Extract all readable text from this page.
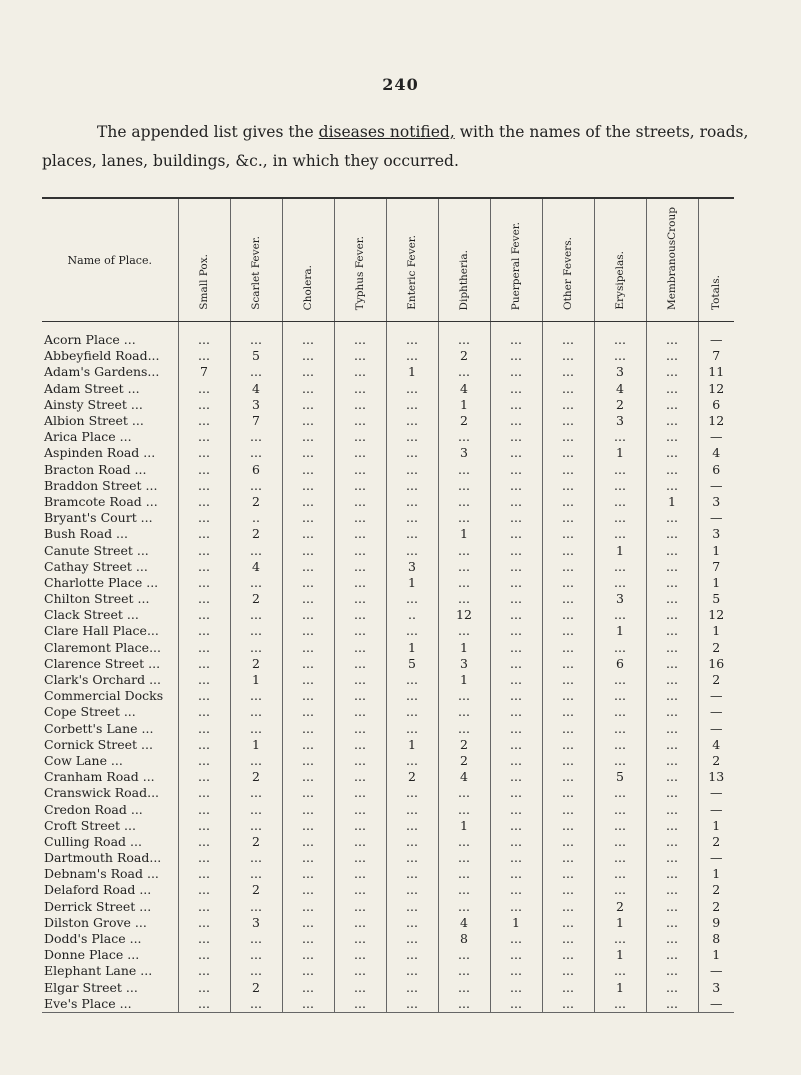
240
The appended list gives the diseases notified, with the names of the streets, roads,
places, lanes, buildings, &c., in which they occurred.
Name of Place.	Small Pox.	Scarlet Fever.	Cholera.	Typhus Fever.	Enteric Fever.	Diphtheria.	Puerperal Fever.	Other Fevers.	Erysipelas.	MembranousCroup	Totals.

Acorn Place ...	...	...	...	...	...	...	...	...	...	...	—
Abbeyfield Road...	...	5	...	...	...	2	...	...	...	...	7
Adam's Gardens...	7	...	...	...	1	...	...	...	3	...	11
Adam Street ...	...	4	...	...	...	4	...	...	4	...	12
Ainsty Street ...	...	3	...	...	...	1	...	...	2	...	6
Albion Street ...	...	7	...	...	...	2	...	...	3	...	12
Arica Place ...	...	...	...	...	...	...	...	...	...	...	—
Aspinden Road ...	...	...	...	...	...	3	...	...	1	...	4
Bracton Road ...	...	6	...	...	...	...	...	...	...	...	6
Braddon Street ...	...	...	...	...	...	...	...	...	...	...	—
Bramcote Road ...	...	2	...	...	...	...	...	...	...	1	3
Bryant's Court ...	...	..	...	...	...	...	...	...	...	...	—
Bush Road ...	...	2	...	...	...	1	...	...	...	...	3
Canute Street ...	...	...	...	...	...	...	...	...	1	...	1
Cathay Street ...	...	4	...	...	3	...	...	...	...	...	7
Charlotte Place ...	...	...	...	...	1	...	...	...	...	...	1
Chilton Street ...	...	2	...	...	...	...	...	...	3	...	5
Clack Street ...	...	...	...	...	..	12	...	...	...	...	12
Clare Hall Place...	...	...	...	...	...	...	...	...	1	...	1
Claremont Place...	...	...	...	...	1	1	...	...	...	...	2
Clarence Street ...	...	2	...	...	5	3	...	...	6	...	16
Clark's Orchard ...	...	1	...	...	...	1	...	...	...	...	2
Commercial Docks	...	...	...	...	...	...	...	...	...	...	—
Cope Street ...	...	...	...	...	...	...	...	...	...	...	—
Corbett's Lane ...	...	...	...	...	...	...	...	...	...	...	—
Cornick Street ...	...	1	...	...	1	2	...	...	...	...	4
Cow Lane ...	...	...	...	...	...	2	...	...	...	...	2
Cranham Road ...	...	2	...	...	2	4	...	...	5	...	13
Cranswick Road...	...	...	...	...	...	...	...	...	...	...	—
Credon Road ...	...	...	...	...	...	...	...	...	...	...	—
Croft Street ...	...	...	...	...	...	1	...	...	...	...	1
Culling Road ...	...	2	...	...	...	...	...	...	...	...	2
Dartmouth Road...	...	...	...	...	...	...	...	...	...	...	—
Debnam's Road ...	...	...	...	...	...	...	...	...	...	...	1
Delaford Road ...	...	2	...	...	...	...	...	...	...	...	2
Derrick Street ...	...	...	...	...	...	...	...	...	2	...	2
Dilston Grove ...	...	3	...	...	...	4	1	...	1	...	9
Dodd's Place ...	...	...	...	...	...	8	...	...	...	...	8
Donne Place ...	...	...	...	...	...	...	...	...	1	...	1
Elephant Lane ...	...	...	...	...	...	...	...	...	...	...	—
Elgar Street ...	...	2	...	...	...	...	...	...	1	...	3
Eve's Place ...	...	...	...	...	...	...	...	...	...	...	—
